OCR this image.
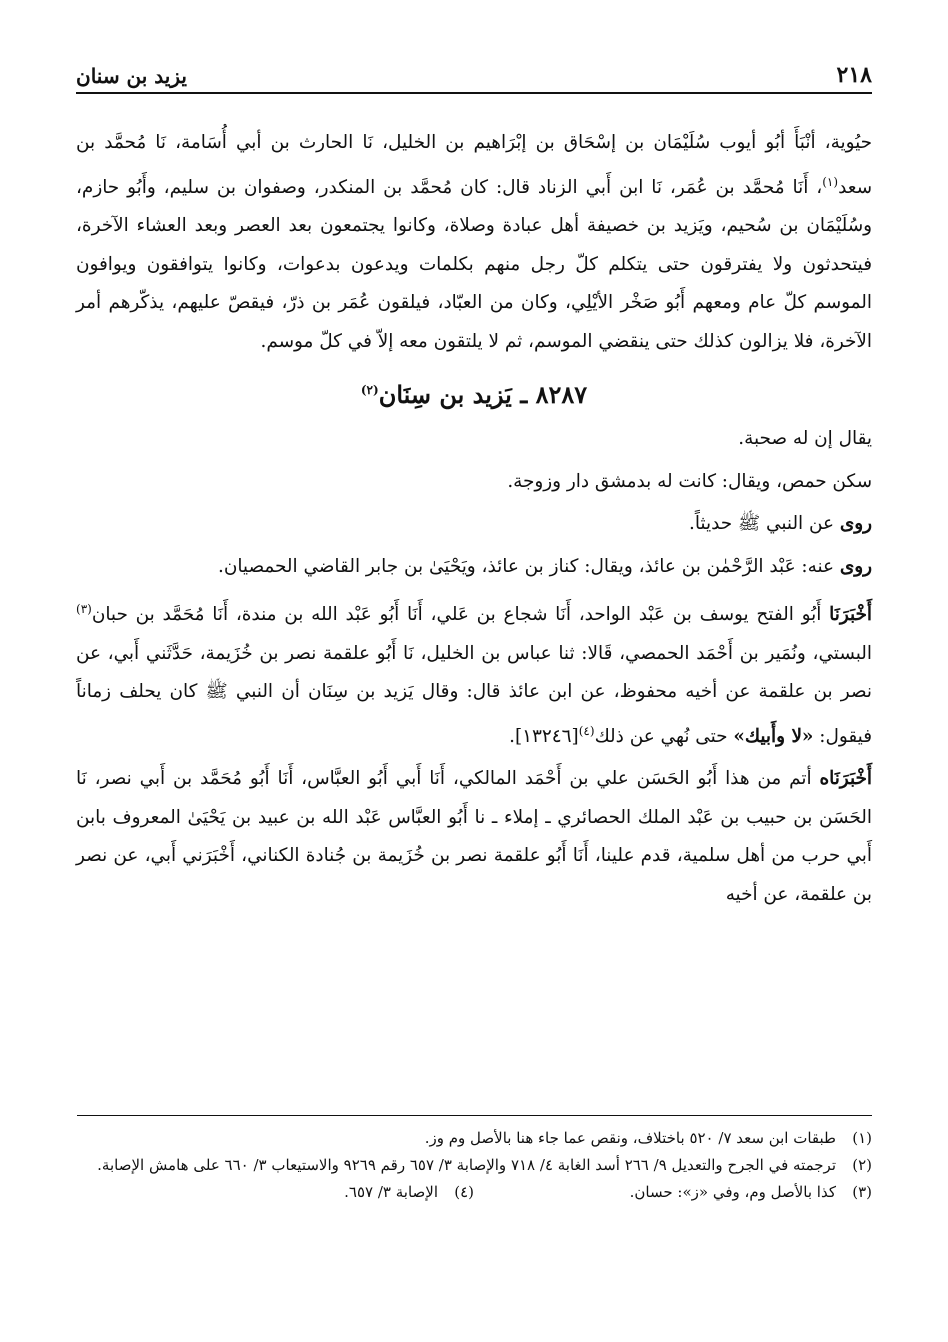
٢١٨
يزيد بن سنان

حيُوية، أنْبَأَ أبُو أيوب سُلَيْمَان بن إسْحَاق بن إبْرَاهيم بن الخليل، نَا الحارث بن أبي أُسَامة، نَا مُحمَّد بن سعد$^{(١)}$، أَنَا مُحمَّد بن عُمَر، نَا ابن أَبي الزناد قال: كان مُحمَّد بن المنكدر، وصفوان بن سليم، وأَبُو حازم، وسُلَيْمَان بن سُحيم، ويَزيد بن خصيفة أهل عبادة وصلاة، وكانوا يجتمعون بعد العصر وبعد العشاء الآخرة، فيتحدثون ولا يفترقون حتى يتكلم كلّ رجل منهم بكلمات ويدعون بدعوات، وكانوا يتوافقون ويوافون الموسم كلّ عام ومعهم أَبُو صَخْر الأيْلِي، وكان من العبّاد، فيلقون عُمَر بن ذرّ، فيقصّ عليهم، يذكّرهم أمر الآخرة، فلا يزالون كذلك حتى ينقضي الموسم، ثم لا يلتقون معه إلاّ في كلّ موسم.

٨٢٨٧ ـ يَزيد بن سِنَان$^{(٢)}$

يقال إن له صحبة.

سكن حمص، ويقال: كانت له بدمشق دار وزوجة.

روى عن النبي ﷺ حديثاً.

روى عنه: عَبْد الرَّحْمٰن بن عائذ، ويقال: كناز بن عائذ، ويَحْيَىٰ بن جابر القاضي الحمصيان.

أَخْبَرَنَا أَبُو الفتح يوسف بن عَبْد الواحد، أَنَا شجاع بن عَلي، أَنَا أَبُو عَبْد الله بن مندة، أَنَا مُحَمَّد بن حبان$^{(٣)}$ البستي، ونُمَير بن أَحْمَد الحمصي، قَالا: ثنا عباس بن الخليل، نَا أَبُو علقمة نصر بن خُزَيمة، حَدَّثَني أَبي، عن نصر بن علقمة عن أخيه محفوظ، عن ابن عائذ قال: وقال يَزيد بن سِنَان أن النبي ﷺ كان يحلف زماناً فيقول: «لا وأَبيك» حتى نُهي عن ذلك$^{(٤)}$[١٣٢٤٦].

أَخْبَرَنَاه أتم من هذا أَبُو الحَسَن علي بن أَحْمَد المالكي، أَنَا أَبي أَبُو العبَّاس، أَنَا أَبُو مُحَمَّد بن أَبي نصر، نَا الحَسَن بن حبيب بن عَبْد الملك الحصائري ـ إملاء ـ نا أَبُو العبَّاس عَبْد الله بن عبيد بن يَحْيَىٰ المعروف بابن أَبي حرب من أهل سلمية، قدم علينا، أَنَا أَبُو علقمة نصر بن خُزَيمة بن جُنادة الكناني، أَخْبَرَني أَبي، عن نصر بن علقمة، عن أخيه

(١)
طبقات ابن سعد ٧/ ٥٢٠ باختلاف، ونقص عما جاء هنا بالأصل وم وز.
(٢)
ترجمته في الجرح والتعديل ٩/ ٢٦٦ أسد الغابة ٤/ ٧١٨ والإصابة ٣/ ٦٥٧ رقم ٩٢٦٩ والاستيعاب ٣/ ٦٦٠ على هامش الإصابة.
(٣)
كذا بالأصل وم، وفي «ز»: حسان.
(٤)
الإصابة ٣/ ٦٥٧.
